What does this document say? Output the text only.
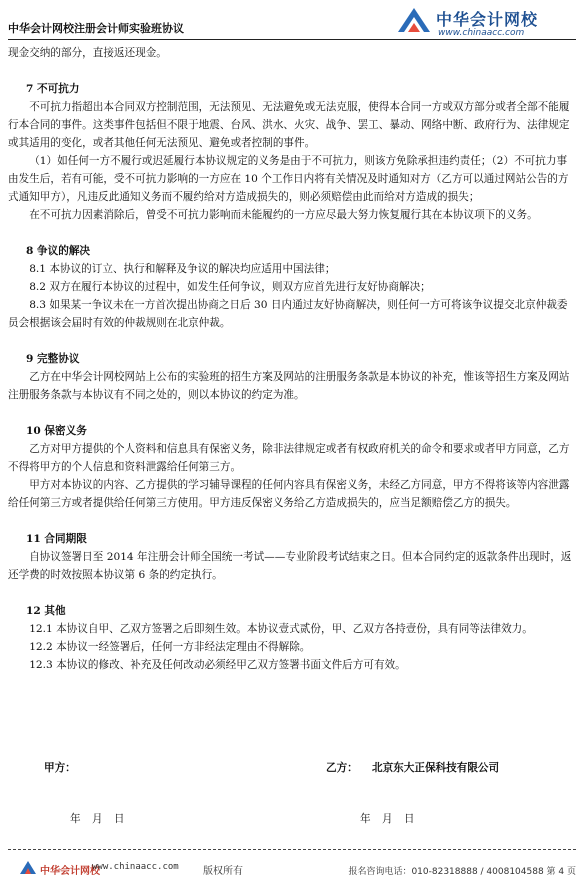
中华会计网校注册会计师实验班协议	中华会计网校
www.chinaacc.com

现金交纳的部分，直接返还现金。

7 不可抗力

不可抗力指超出本合同双方控制范围，无法预见、无法避免或无法克服，使得本合同一方或双方部分或者全部不能履行本合同的事件。这类事件包括但不限于地震、台风、洪水、火灾、战争、罢工、暴动、网络中断、政府行为、法律规定或其适用的变化，或者其他任何无法预见、避免或者控制的事件。

（1）如任何一方不履行或迟延履行本协议规定的义务是由于不可抗力，则该方免除承担违约责任；（2）不可抗力事由发生后，若有可能，受不可抗力影响的一方应在 10 个工作日内将有关情况及时通知对方（乙方可以通过网站公告的方式通知甲方），凡违反此通知义务而不履约给对方造成损失的，则必须赔偿由此而给对方造成的损失；

在不可抗力因素消除后，曾受不可抗力影响而未能履约的一方应尽最大努力恢复履行其在本协议项下的义务。

8 争议的解决

8.1 本协议的订立、执行和解释及争议的解决均应适用中国法律；

8.2 双方在履行本协议的过程中，如发生任何争议，则双方应首先进行友好协商解决；

8.3 如果某一争议未在一方首次提出协商之日后 30 日内通过友好协商解决，则任何一方可将该争议提交北京仲裁委员会根据该会届时有效的仲裁规则在北京仲裁。

9 完整协议

乙方在中华会计网校网站上公布的实验班的招生方案及网站的注册服务条款是本协议的补充，惟该等招生方案及网站注册服务条款与本协议有不同之处的，则以本协议的约定为准。

10 保密义务

乙方对甲方提供的个人资料和信息具有保密义务，除非法律规定或者有权政府机关的命令和要求或者甲方同意，乙方不得将甲方的个人信息和资料泄露给任何第三方。

甲方对本协议的内容、乙方提供的学习辅导课程的任何内容具有保密义务，未经乙方同意，甲方不得将该等内容泄露给任何第三方或者提供给任何第三方使用。甲方违反保密义务给乙方造成损失的，应当足额赔偿乙方的损失。

11 合同期限

自协议签署日至 2014 年注册会计师全国统一考试——专业阶段考试结束之日。但本合同约定的返款条件出现时，返还学费的时效按照本协议第 6 条的约定执行。

12 其他

12.1 本协议自甲、乙双方签署之后即刻生效。本协议壹式贰份，甲、乙双方各持壹份，具有同等法律效力。

12.2 本协议一经签署后，任何一方非经法定理由不得解除。

12.3 本协议的修改、补充及任何改动必须经甲乙双方签署书面文件后方可有效。

甲方：	乙方： 北京东大正保科技有限公司
年 月 日	年 月 日
中华会计网校
www.chinaacc.com 版权所有	报名咨询电话：010-82318888 / 4008104588 第 4 页
